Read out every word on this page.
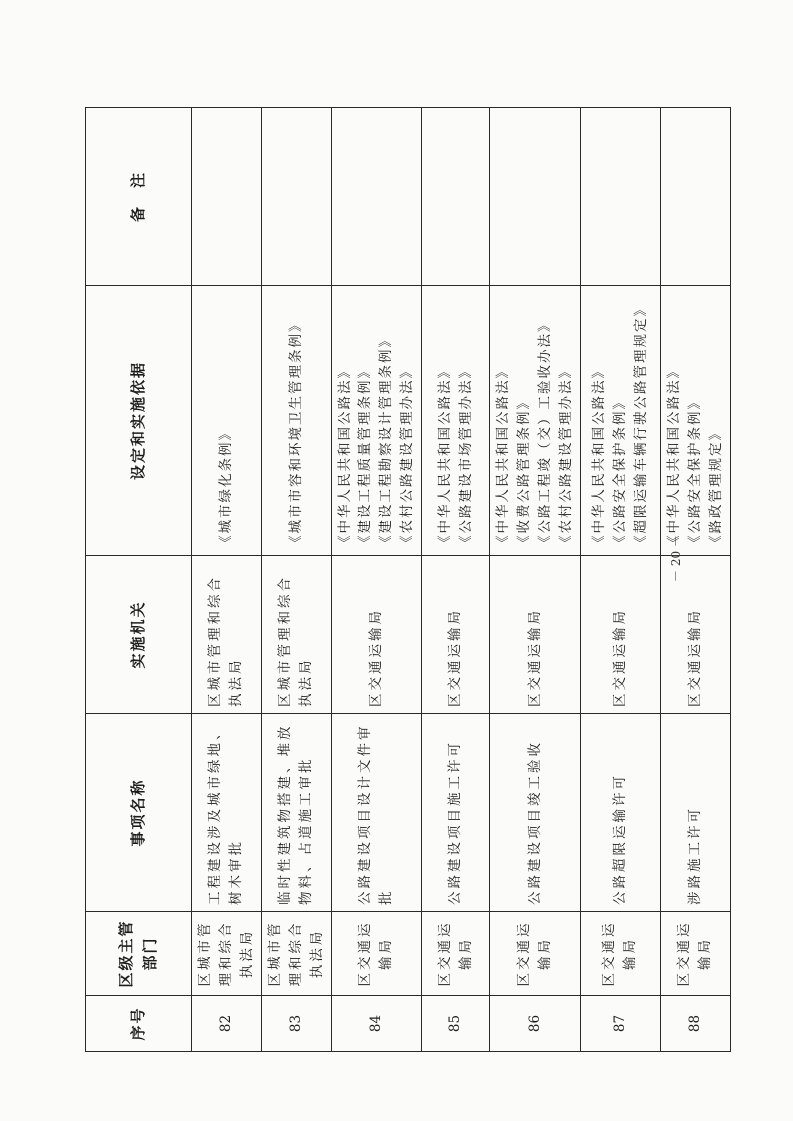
序号	区级主管部门	事项名称	实施机关	设定和实施依据	备　注
82	区城市管理和综合执法局	工程建设涉及城市绿地、树木审批	区城市管理和综合执法局	《城市绿化条例》	

83	区城市管理和综合执法局	临时性建筑物搭建、堆放物料、占道施工审批	区城市管理和综合执法局	《城市市容和环境卫生管理条例》	

84	区交通运输局	公路建设项目设计文件审批	区交通运输局	《中华人民共和国公路法》 《建设工程质量管理条例》 《建设工程勘察设计管理条例》 《农村公路建设管理办法》	

85	区交通运输局	公路建设项目施工许可	区交通运输局	《中华人民共和国公路法》 《公路建设市场管理办法》	

86	区交通运输局	公路建设项目竣工验收	区交通运输局	《中华人民共和国公路法》 《收费公路管理条例》 《公路工程竣（交）工验收办法》 《农村公路建设管理办法》	

87	区交通运输局	公路超限运输许可	区交通运输局	《中华人民共和国公路法》 《公路安全保护条例》 《超限运输车辆行驶公路管理规定》	

88	区交通运输局	涉路施工许可	区交通运输局	《中华人民共和国公路法》 《公路安全保护条例》 《路政管理规定》	

－ 20 －
